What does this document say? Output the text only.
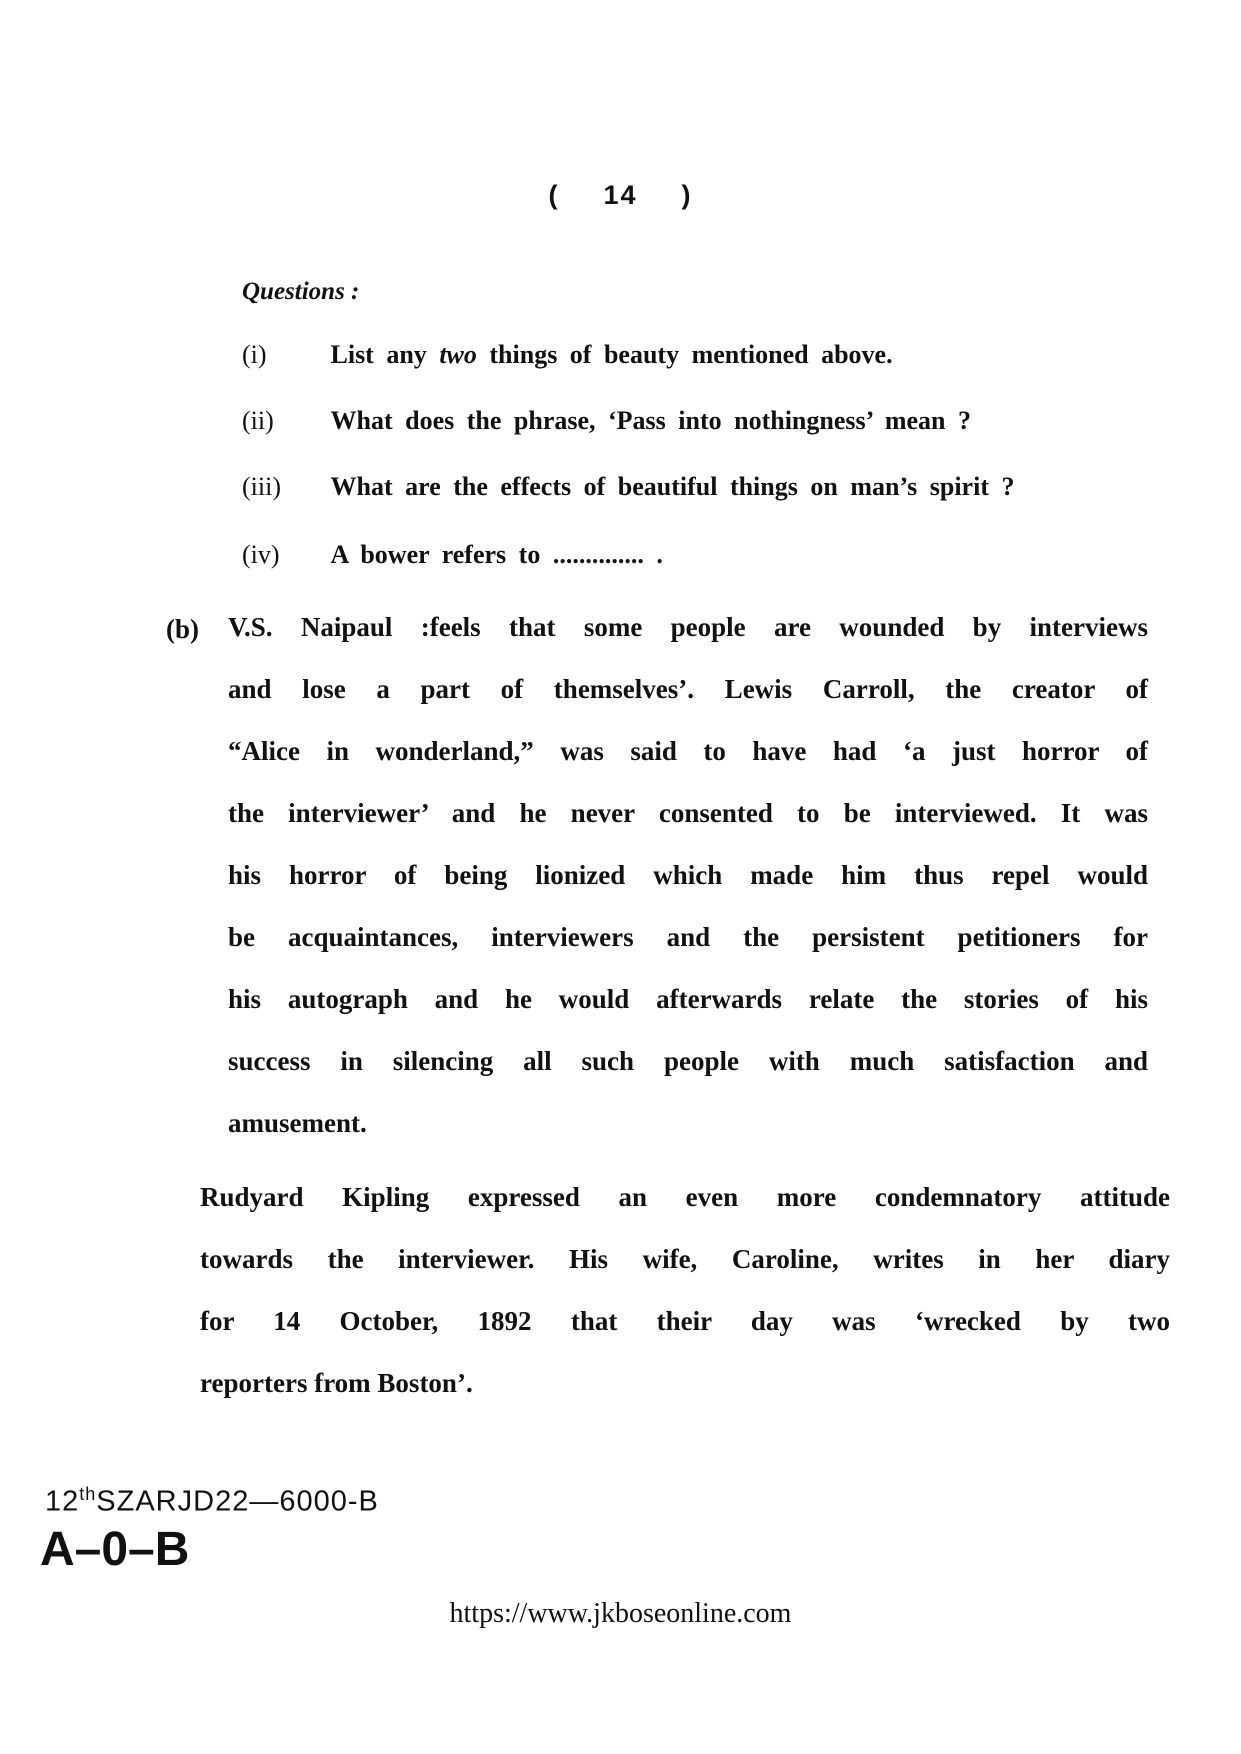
( 14 )
Questions :
(i) List any two things of beauty mentioned above.
(ii) What does the phrase, ‘Pass into nothingness’ mean ?
(iii) What are the effects of beautiful things on man’s spirit ?
(iv) A bower refers to .............. .
(b) V.S. Naipaul :feels that some people are wounded by interviews
and lose a part of themselves’. Lewis Carroll, the creator of
“Alice in wonderland,” was said to have had ‘a just horror of
the interviewer’ and he never consented to be interviewed. It was
his horror of being lionized which made him thus repel would
be acquaintances, interviewers and the persistent petitioners for
his autograph and he would afterwards relate the stories of his
success in silencing all such people with much satisfaction and
amusement.
Rudyard Kipling expressed an even more condemnatory attitude
towards the interviewer. His wife, Caroline, writes in her diary
for 14 October, 1892 that their day was ‘wrecked by two
reporters from Boston’.
12thSZARJD22—6000-B
A–0–B
https://www.jkboseonline.com
